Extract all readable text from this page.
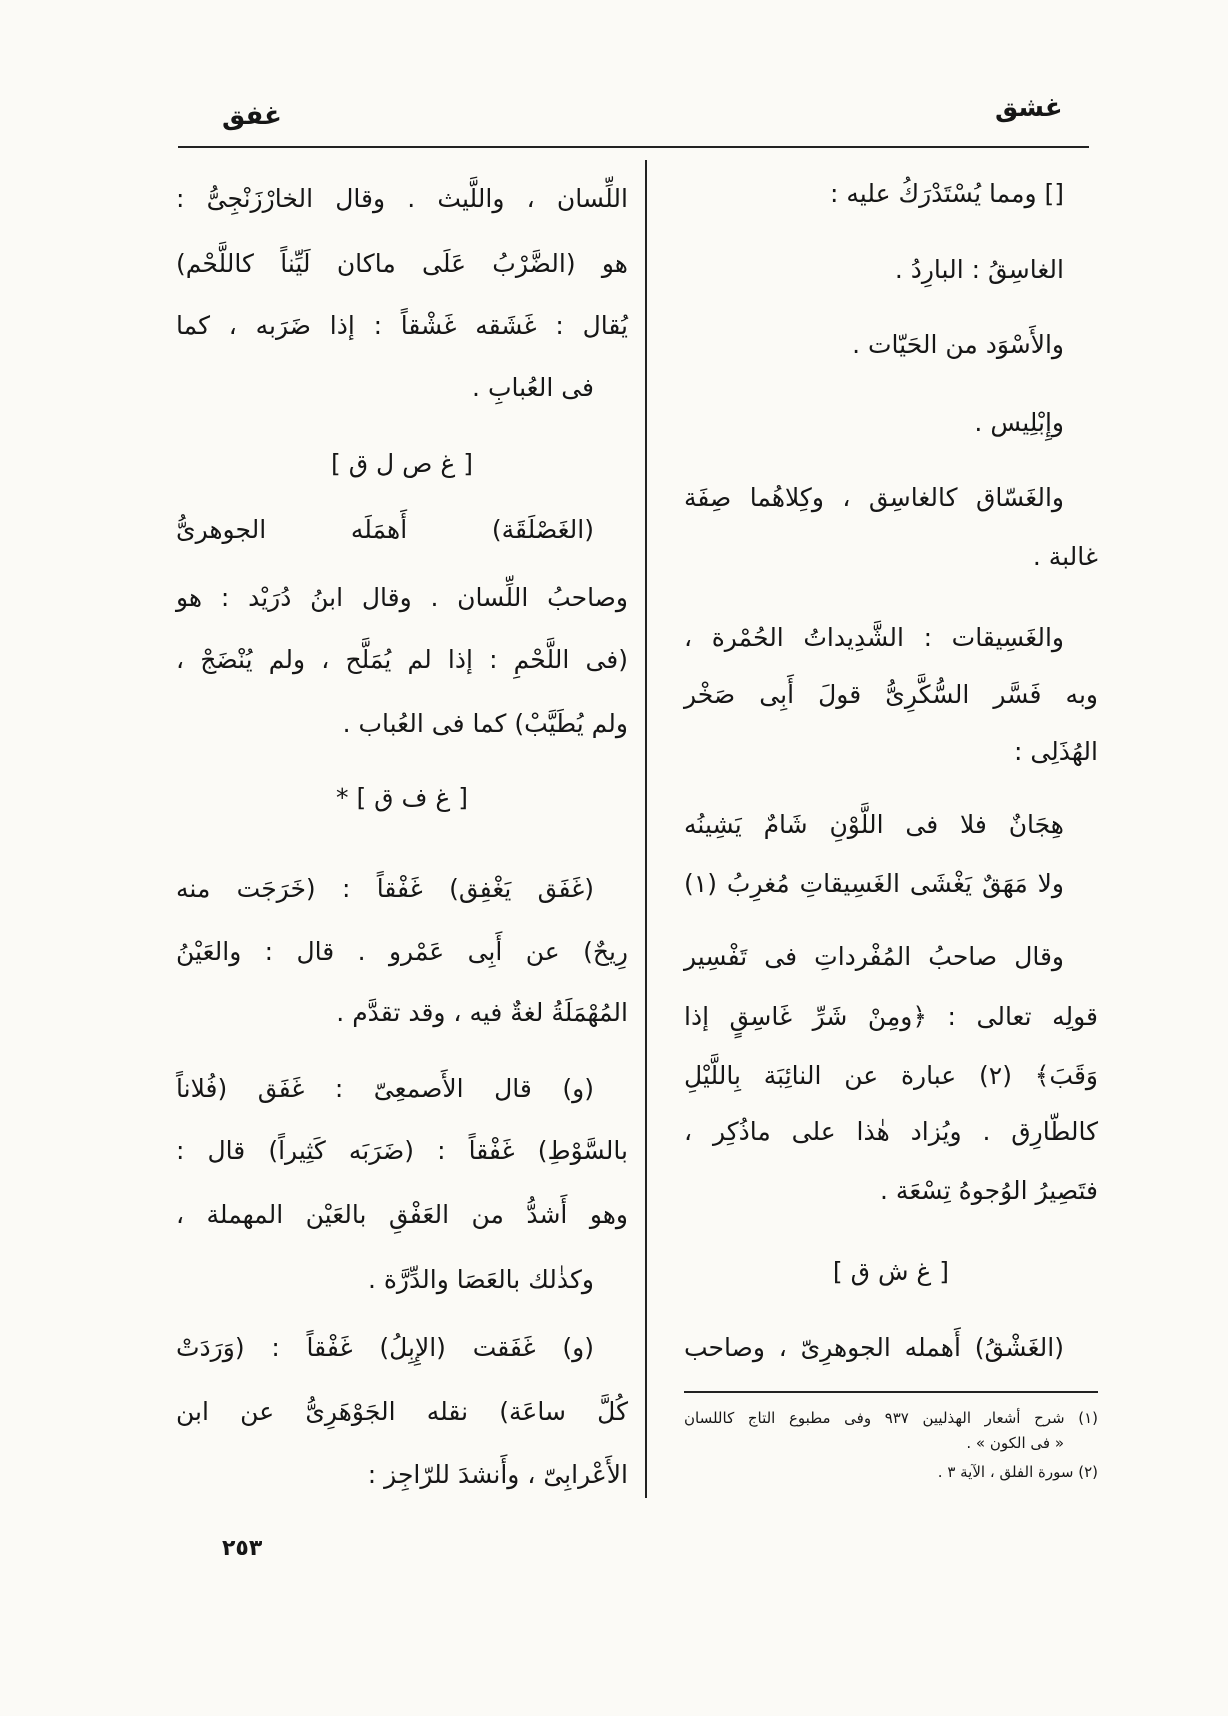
غشق
غفق
[] ومما يُسْتَدْرَكُ عليه :
الغاسِقُ : البارِدُ .
والأَسْوَد من الحَيّات .
وإِبْلِيس .
والغَسّاق كالغاسِق ، وكِلاهُما صِفَة
غالبة .
والغَسِيقات : الشَّدِيداتُ الحُمْرة ،
وبه فَسَّر السُّكَّرِىُّ قولَ أَبِى صَخْر
الهُذَلِى :
هِجَانٌ فلا فى اللَّوْنِ شَامٌ يَشِينُه
ولا مَهَقٌ يَغْشَى الغَسِيقاتِ مُغرِبُ (١)
وقال صاحبُ المُفْرداتِ فى تَفْسِير
قولِه تعالى : ﴿ومِنْ شَرِّ غَاسِقٍ إذا
وَقَبَ﴾ (٢) عبارة عن النائِبَة بِاللَّيْلِ
كالطّارِق . ويُزاد هٰذا على ماذُكِر ،
فتَصِيرُ الوُجوهُ تِسْعَة .
[ غ ش ق ]
(الغَشْقُ) أَهمله الجوهرِىّ ، وصاحب
(١) شرح أشعار الهذليين ٩٣٧ وفى مطبوع التاج كاللسان
« فى الكون » .
(٢) سورة الفلق ، الآية ٣ .
اللِّسان ، واللَّيث . وقال الخارْزَنْجِىُّ :
هو (الضَّرْبُ عَلَى ماكان لَيِّناً كاللَّحْم)
يُقال : غَشَقه غَشْقاً : إذا ضَرَبه ، كما
فى العُبابِ .
[ غ ص ل ق ]
(الغَصْلَقَة) أَهمَلَه الجوهرىُّ
وصاحبُ اللِّسان . وقال ابنُ دُرَيْد : هو
(فى اللَّحْمِ : إذا لم يُمَلَّح ، ولم يُنْضَجْ ،
ولم يُطَيَّبْ) كما فى العُباب .
[ غ ف ق ] *
(غَفَق يَغْفِق) غَفْقاً : (خَرَجَت منه
رِيحٌ) عن أَبِى عَمْرو . قال : والعَيْنُ
المُهْمَلَةُ لغةٌ فيه ، وقد تقدَّم .
(و) قال الأَصمعِىّ : غَفَق (فُلاناً
بالسَّوْطِ) غَفْقاً : (ضَرَبَه كَثِيراً) قال :
وهو أَشدُّ من العَفْقِ بالعَيْن المهملة ،
وكذٰلك بالعَصَا والدِّرَّة .
(و) غَفَقت (الإِبِلُ) غَفْقاً : (وَرَدَتْ
كُلَّ ساعَة) نقله الجَوْهَرِىُّ عن ابن
الأَعْرابِىّ ، وأَنشدَ للرّاجِز :
٢٥٣
